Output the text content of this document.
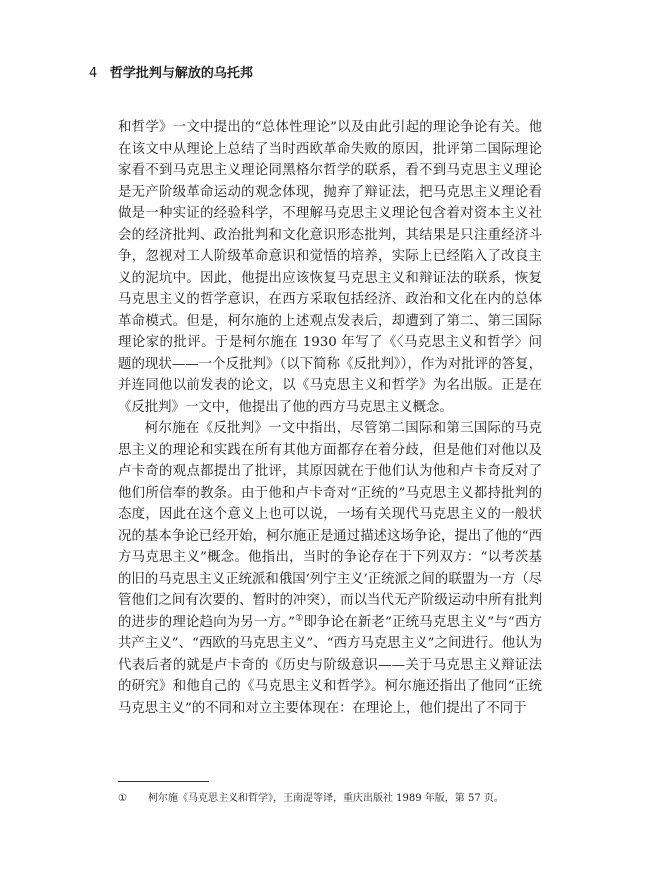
4 哲学批判与解放的乌托邦

和哲学》一文中提出的“总体性理论”以及由此引起的理论争论有关。他在该文中从理论上总结了当时西欧革命失败的原因，批评第二国际理论家看不到马克思主义理论同黑格尔哲学的联系，看不到马克思主义理论是无产阶级革命运动的观念体现，抛弃了辩证法，把马克思主义理论看做是一种实证的经验科学，不理解马克思主义理论包含着对资本主义社会的经济批判、政治批判和文化意识形态批判，其结果是只注重经济斗争，忽视对工人阶级革命意识和觉悟的培养，实际上已经陷入了改良主义的泥坑中。因此，他提出应该恢复马克思主义和辩证法的联系，恢复马克思主义的哲学意识，在西方采取包括经济、政治和文化在内的总体革命模式。但是，柯尔施的上述观点发表后，却遭到了第二、第三国际理论家的批评。于是柯尔施在 1930 年写了《〈马克思主义和哲学〉问题的现状——一个反批判》（以下简称《反批判》），作为对批评的答复，并连同他以前发表的论文，以《马克思主义和哲学》为名出版。正是在《反批判》一文中，他提出了他的西方马克思主义概念。

柯尔施在《反批判》一文中指出，尽管第二国际和第三国际的马克思主义的理论和实践在所有其他方面都存在着分歧，但是他们对他以及卢卡奇的观点都提出了批评，其原因就在于他们认为他和卢卡奇反对了他们所信奉的教条。由于他和卢卡奇对“正统的”马克思主义都持批判的态度，因此在这个意义上也可以说，一场有关现代马克思主义的一般状况的基本争论已经开始，柯尔施正是通过描述这场争论，提出了他的“西方马克思主义”概念。他指出，当时的争论存在于下列双方：“以考茨基的旧的马克思主义正统派和俄国‘列宁主义’正统派之间的联盟为一方（尽管他们之间有次要的、暂时的冲突），而以当代无产阶级运动中所有批判的进步的理论趋向为另一方。”①即争论在新老“正统马克思主义”与“西方共产主义”、“西欧的马克思主义”、“西方马克思主义”之间进行。他认为代表后者的就是卢卡奇的《历史与阶级意识——关于马克思主义辩证法的研究》和他自己的《马克思主义和哲学》。柯尔施还指出了他同“正统马克思主义”的不同和对立主要体现在：在理论上，他们提出了不同于

① 柯尔施《马克思主义和哲学》，王南湜等译，重庆出版社 1989 年版，第 57 页。
